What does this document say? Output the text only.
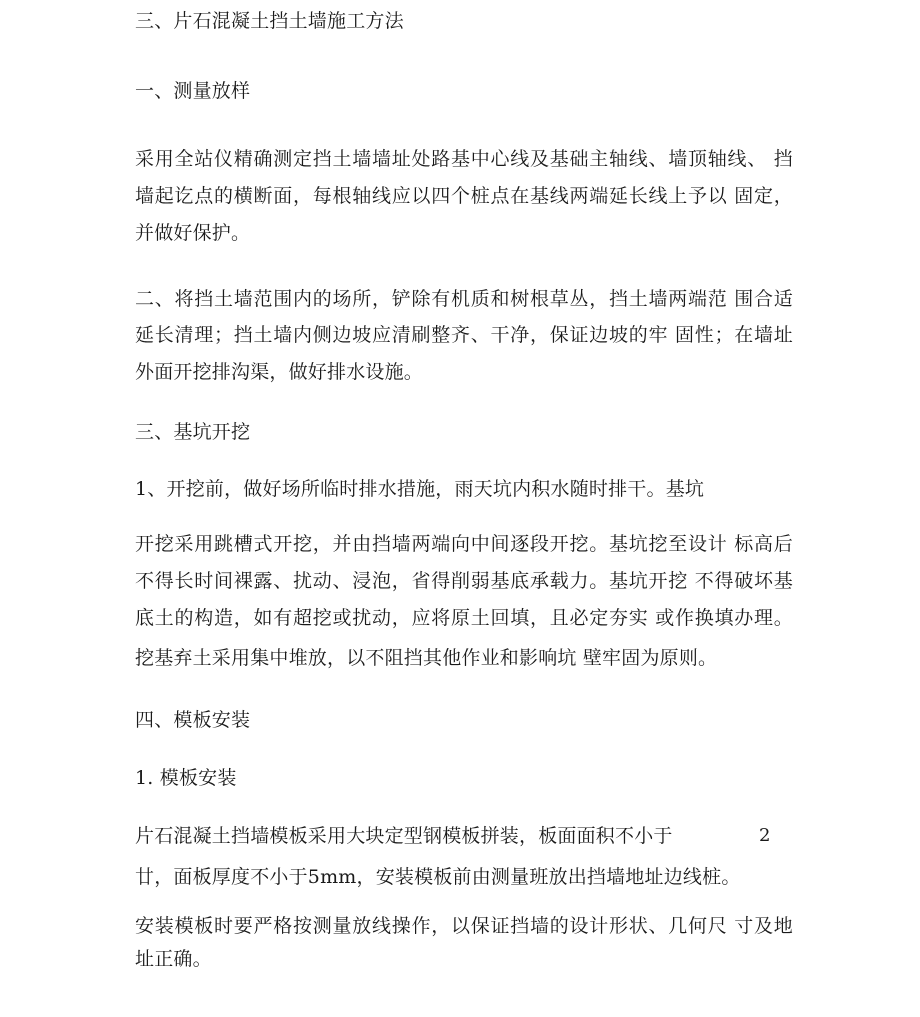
三、片石混凝土挡土墙施工方法
一、测量放样
采用全站仪精确测定挡土墙墙址处路基中心线及基础主轴线、墙顶轴线、 挡
墙起讫点的横断面，每根轴线应以四个桩点在基线两端延长线上予以 固定，
并做好保护。
二、将挡土墙范围内的场所，铲除有机质和树根草丛，挡土墙两端范 围合适
延长清理；挡土墙内侧边坡应清刷整齐、干净，保证边坡的牢 固性；在墙址
外面开挖排沟渠，做好排水设施。
三、基坑开挖
1、开挖前，做好场所临时排水措施，雨天坑内积水随时排干。基坑
开挖采用跳槽式开挖，并由挡墙两端向中间逐段开挖。基坑挖至设计 标高后
不得长时间裸露、扰动、浸泡，省得削弱基底承载力。基坑开挖 不得破坏基
底土的构造，如有超挖或扰动，应将原土回填，且必定夯实 或作换填办理。
挖基弃土采用集中堆放，以不阻挡其他作业和影响坑 壁牢固为原则。
四、模板安装
1. 模板安装
片石混凝土挡墙模板采用大块定型钢模板拼装，板面面积不小于	2
廿，面板厚度不小于5mm，安装模板前由测量班放出挡墙地址边线桩。
安装模板时要严格按测量放线操作，以保证挡墙的设计形状、几何尺 寸及地
址正确。
